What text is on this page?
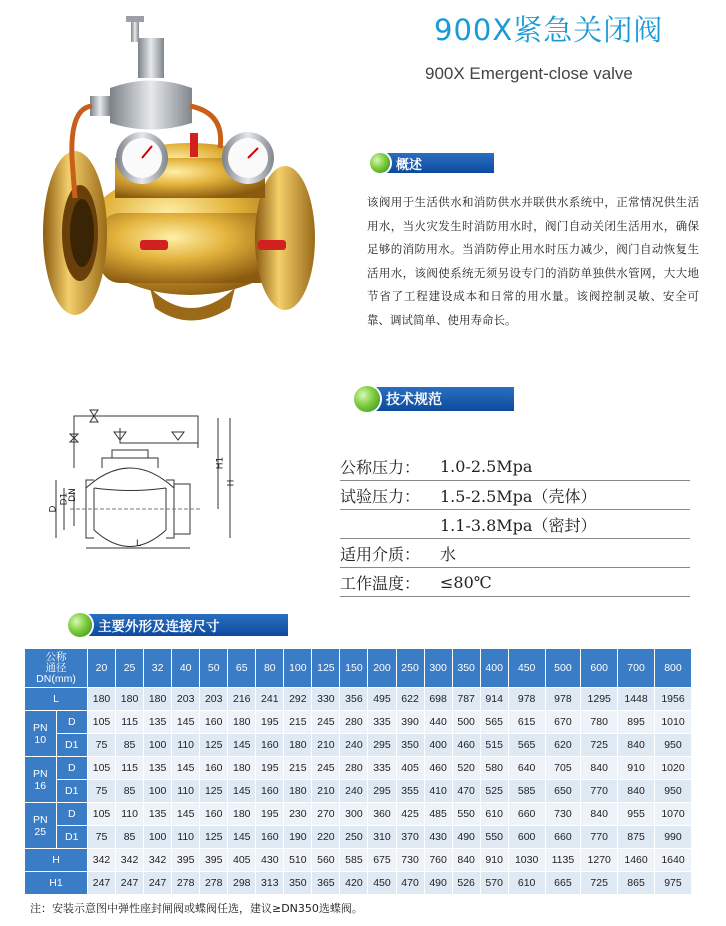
900X紧急关闭阀
900X Emergent-close valve
概述
该阀用于生活供水和消防供水并联供水系统中，正常情况供生活用水，当火灾发生时消防用水时，阀门自动关闭生活用水，确保足够的消防用水。当消防停止用水时压力减少，阀门自动恢复生活用水，该阀使系统无须另设专门的消防单独供水管网，大大地节省了工程建设成本和日常的用水量。该阀控制灵敏、安全可靠、调试简单、使用寿命长。
技术规范
H1
H
D
D1
DN
L
公称压力：	1.0-2.5Mpa
试验压力：	1.5-2.5Mpa（壳体）
1.1-3.8Mpa（密封）
适用介质：	水
工作温度：	≤80℃
主要外形及连接尺寸
公称
通径
DN(mm)		20	25	32	40	50	65	80	100	125	150	200	250	300	350	400	450	500	600	700	800
L		180	180	180	203	203	216	241	292	330	356	495	622	698	787	914	978	978	1295	1448	1956
PN
10	D	105	115	135	145	160	180	195	215	245	280	335	390	440	500	565	615	670	780	895	1010
	D1	75	85	100	110	125	145	160	180	210	240	295	350	400	460	515	565	620	725	840	950
PN
16	D	105	115	135	145	160	180	195	215	245	280	335	405	460	520	580	640	705	840	910	1020
	D1	75	85	100	110	125	145	160	180	210	240	295	355	410	470	525	585	650	770	840	950
PN
25	D	105	110	135	145	160	180	195	230	270	300	360	425	485	550	610	660	730	840	955	1070
	D1	75	85	100	110	125	145	160	190	220	250	310	370	430	490	550	600	660	770	875	990
H		342	342	342	395	395	405	430	510	560	585	675	730	760	840	910	1030	1135	1270	1460	1640
H1		247	247	247	278	278	298	313	350	365	420	450	470	490	526	570	610	665	725	865	975
注：安装示意图中弹性座封闸阀或蝶阀任选，建议≥DN350选蝶阀。
